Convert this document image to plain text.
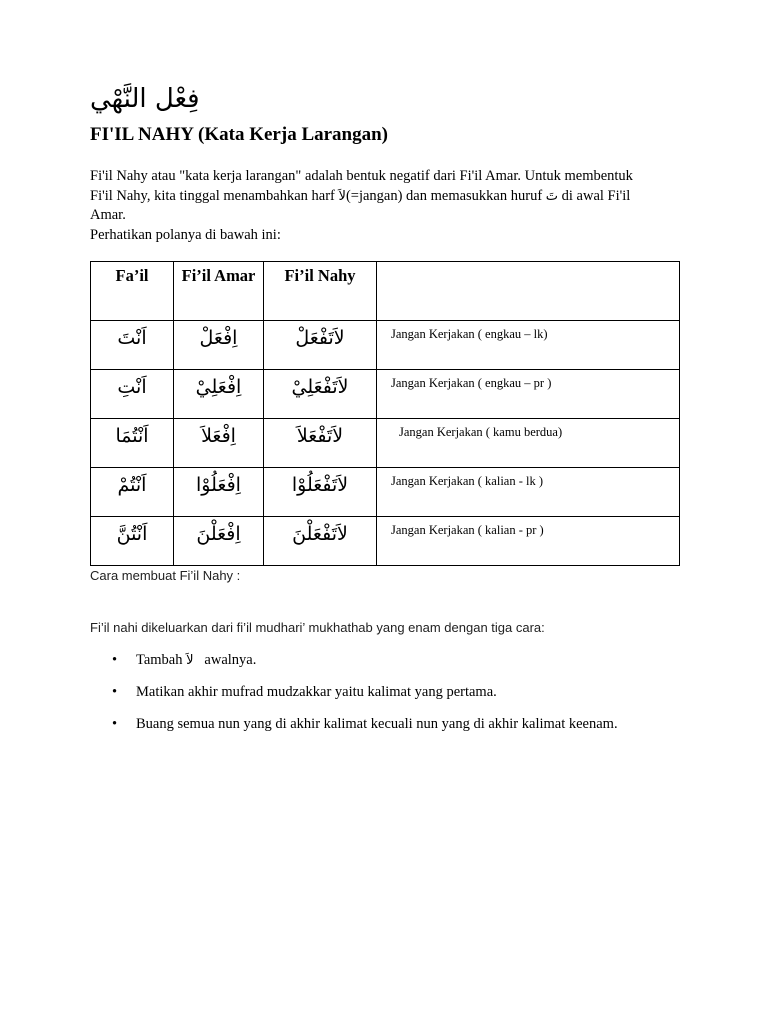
فِعْل النَّهْي
FI'IL NAHY (Kata Kerja Larangan)

Fi'il Nahy atau "kata kerja larangan" adalah bentuk negatif dari Fi'il Amar. Untuk membentuk

Fi'il Nahy, kita tinggal menambahkan harf لاَ(=jangan) dan memasukkan huruf تَ di awal Fi'il

Amar.

Perhatikan polanya di bawah ini:

Fa’il	Fi’il Amar	Fi’il Nahy	
اَنْتَ	اِفْعَلْ	لاَتَفْعَلْ	Jangan Kerjakan ( engkau – lk)
اَنْتِ	اِفْعَلِيْ	لاَتَفْعَلِيْ	Jangan Kerjakan ( engkau – pr )
اَنْتُمَا	اِفْعَلاَ	لاَتَفْعَلاَ	Jangan Kerjakan ( kamu berdua)
اَنْتُمْ	اِفْعَلُوْا	لاَتَفْعَلُوْا	Jangan Kerjakan ( kalian - lk )
اَنْتُنَّ	اِفْعَلْنَ	لاَتَفْعَلْنَ	Jangan Kerjakan ( kalian - pr )
Cara membuat Fi’il Nahy :
Fi’il nahi dikeluarkan dari fi’il mudhari’ mukhathab yang enam dengan tiga cara:
• Tambah لاَ   awalnya.
• Matikan akhir mufrad mudzakkar yaitu kalimat yang pertama.
• Buang semua nun yang di akhir kalimat kecuali nun yang di akhir kalimat keenam.
